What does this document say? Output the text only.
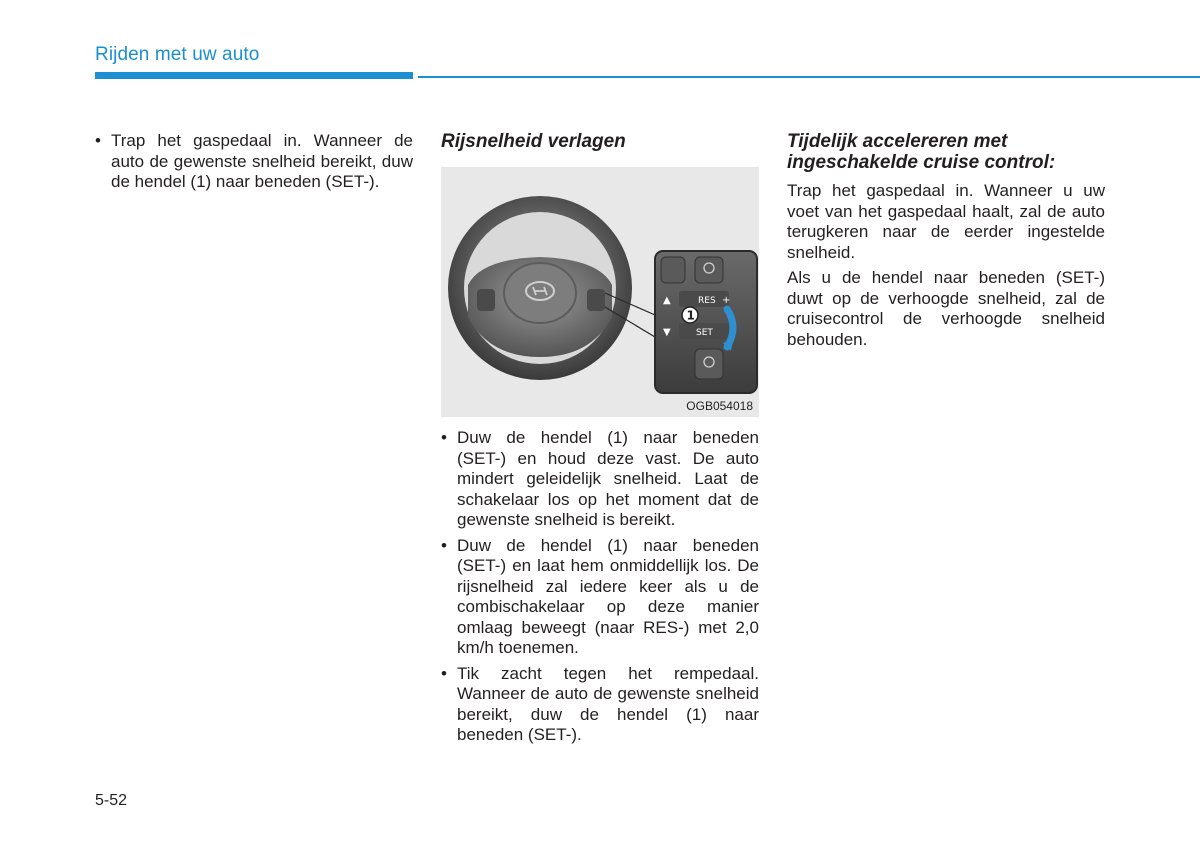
Rijden met uw auto
• Trap het gaspedaal in. Wanneer de auto de gewenste snelheid bereikt, duw de hendel (1) naar beneden (SET-).
Rijsnelheid verlagen
▲
▼
RES +
SET
1
OGB054018
• Duw de hendel (1) naar beneden (SET-) en houd deze vast. De auto mindert geleidelijk snelheid. Laat de schakelaar los op het moment dat de gewenste snelheid is bereikt.
• Duw de hendel (1) naar beneden (SET-) en laat hem onmiddellijk los. De rijsnelheid zal iedere keer als u de combischakelaar op deze manier omlaag beweegt (naar RES-) met 2,0 km/h toenemen.
• Tik zacht tegen het rempedaal. Wanneer de auto de gewenste snelheid bereikt, duw de hendel (1) naar beneden (SET-).
Tijdelijk accelereren met ingeschakelde cruise control:

Trap het gaspedaal in. Wanneer u uw voet van het gaspedaal haalt, zal de auto terugkeren naar de eerder ingestelde snelheid.

Als u de hendel naar beneden (SET-) duwt op de verhoogde snelheid, zal de cruisecontrol de verhoogde snelheid behouden.

5-52
